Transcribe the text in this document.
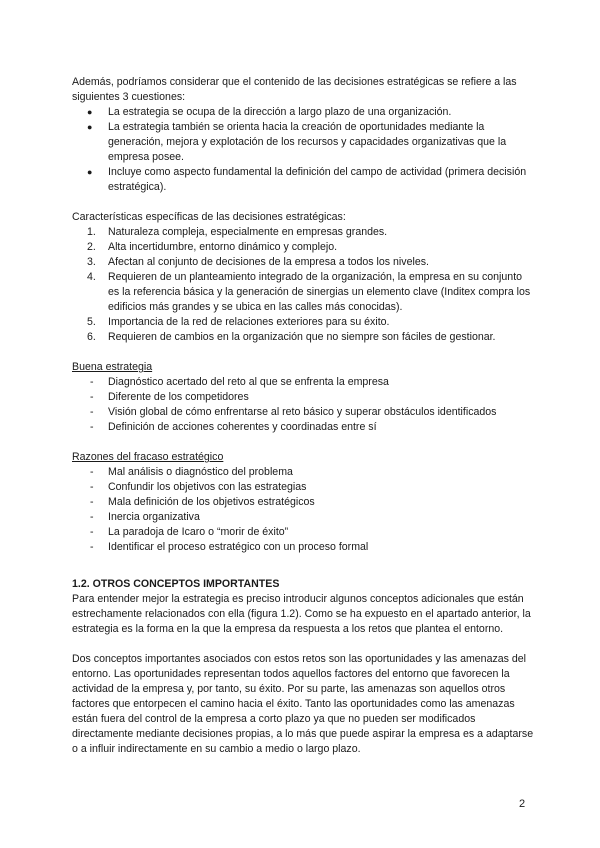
Además, podríamos considerar que el contenido de las decisiones estratégicas se refiere a las siguientes 3 cuestiones:

● La estrategia se ocupa de la dirección a largo plazo de una organización.
● La estrategia también se orienta hacia la creación de oportunidades mediante la generación, mejora y explotación de los recursos y capacidades organizativas que la empresa posee.
● Incluye como aspecto fundamental la definición del campo de actividad (primera decisión estratégica).

Características específicas de las decisiones estratégicas:

1.	Naturaleza compleja, especialmente en empresas grandes.
2.	Alta incertidumbre, entorno dinámico y complejo.
3.	Afectan al conjunto de decisiones de la empresa a todos los niveles.
4.	Requieren de un planteamiento integrado de la organización, la empresa en su conjunto es la referencia básica y la generación de sinergias un elemento clave (Inditex compra los edificios más grandes y se ubica en las calles más conocidas).
5.	Importancia de la red de relaciones exteriores para su éxito.
6.	Requieren de cambios en la organización que no siempre son fáciles de gestionar.

Buena estrategia

- Diagnóstico acertado del reto al que se enfrenta la empresa
- Diferente de los competidores
- Visión global de cómo enfrentarse al reto básico y superar obstáculos identificados
- Definición de acciones coherentes y coordinadas entre sí

Razones del fracaso estratégico

- Mal análisis o diagnóstico del problema
- Confundir los objetivos con las estrategias
- Mala definición de los objetivos estratégicos
- Inercia organizativa
- La paradoja de Icaro o “morir de éxito”
- Identificar el proceso estratégico con un proceso formal

1.2. OTROS CONCEPTOS IMPORTANTES

Para entender mejor la estrategia es preciso introducir algunos conceptos adicionales que están estrechamente relacionados con ella (figura 1.2). Como se ha expuesto en el apartado anterior, la estrategia es la forma en la que la empresa da respuesta a los retos que plantea el entorno.

Dos conceptos importantes asociados con estos retos son las oportunidades y las amenazas del entorno. Las oportunidades representan todos aquellos factores del entorno que favorecen la actividad de la empresa y, por tanto, su éxito. Por su parte, las amenazas son aquellos otros factores que entorpecen el camino hacia el éxito. Tanto las oportunidades como las amenazas están fuera del control de la empresa a corto plazo ya que no pueden ser modificados directamente mediante decisiones propias, a lo más que puede aspirar la empresa es a adaptarse o a influir indirectamente en su cambio a medio o largo plazo.

2
